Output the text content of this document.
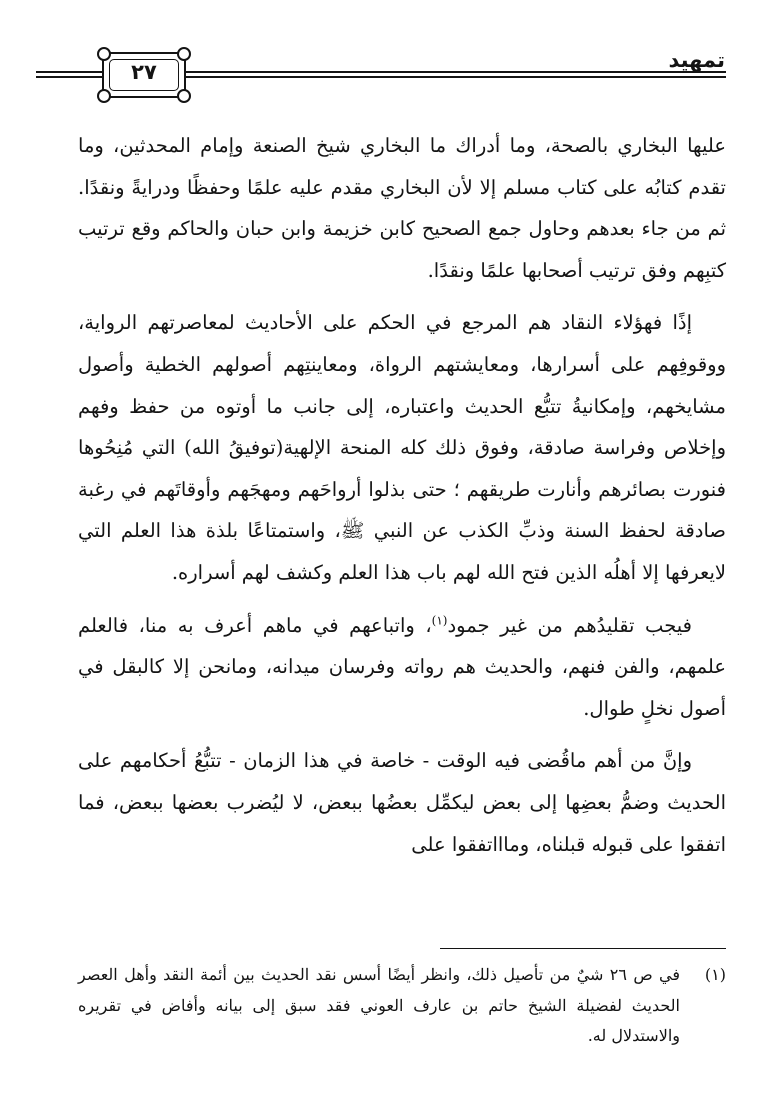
٢٧	تمهيد

عليها البخاري بالصحة، وما أدراك ما البخاري شيخ الصنعة وإمام المحدثين، وما تقدم كتابُه على كتاب مسلم إلا لأن البخاري مقدم عليه علمًا وحفظًا ودرايةً ونقدًا. ثم من جاء بعدهم وحاول جمع الصحيح كابن خزيمة وابن حبان والحاكم وقع ترتيب كتبِهم وفق ترتيب أصحابها علمًا ونقدًا.

إذًا فهؤلاء النقاد هم المرجع في الحكم على الأحاديث لمعاصرتهم الرواية، ووقوفِهم على أسرارها، ومعايشتهم الرواة، ومعاينتِهم أصولهم الخطية وأصول مشايخهم، وإمكانيةُ تتبُّع الحديث واعتباره، إلى جانب ما أوتوه من حفظ وفهم وإخلاص وفراسة صادقة، وفوق ذلك كله المنحة الإلهية(توفيقُ الله) التي مُنِحُوها فنورت بصائرهم وأنارت طريقهم ؛ حتى بذلوا أرواحَهم ومهجَهم وأوقاتَهم في رغبة صادقة لحفظ السنة وذبِّ الكذب عن النبي ﷺ، واستمتاعًا بلذة هذا العلم التي لايعرفها إلا أهلُه الذين فتح الله لهم باب هذا العلم وكشف لهم أسراره.

فيجب تقليدُهم من غير جمود$^{(١)}$، واتباعهم في ماهم أعرف به منا، فالعلم علمهم، والفن فنهم، والحديث هم رواته وفرسان ميدانه، ومانحن إلا كالبقل في أصول نخلٍ طوال.

وإنَّ من أهم ماقُضى فيه الوقت - خاصة في هذا الزمان - تتبُّعُ أحكامهم على الحديث وضمُّ بعضِها إلى بعض ليكمِّل بعضُها ببعض، لا ليُضرب بعضها ببعض، فما اتفقوا على قبوله قبلناه، وماااتفقوا على

(١)
في ص ٢٦ شيٌ من تأصيل ذلك، وانظر أيضًا أسس نقد الحديث بين أئمة النقد وأهل العصر الحديث لفضيلة الشيخ حاتم بن عارف العوني فقد سبق إلى بيانه وأفاض في تقريره والاستدلال له.
